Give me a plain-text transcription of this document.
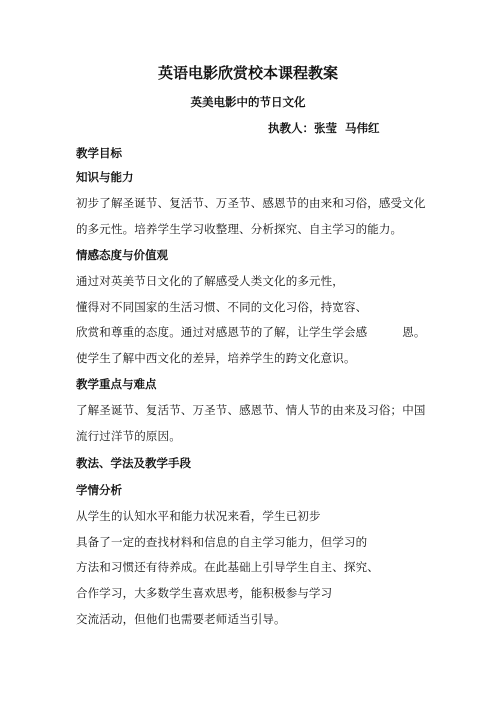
英语电影欣赏校本课程教案
英美电影中的节日文化
执教人：张莹 马伟红
教学目标
知识与能力
初步了解圣诞节、复活节、万圣节、感恩节的由来和习俗，感受文化
的多元性。培养学生学习收整理、分析探究、自主学习的能力。
情感态度与价值观
通过对英美节日文化的了解感受人类文化的多元性，
懂得对不同国家的生活习惯、不同的文化习俗，持宽容、
欣赏和尊重的态度。通过对感恩节的了解，让学生学会感　　　恩。
使学生了解中西文化的差异，培养学生的跨文化意识。
教学重点与难点
了解圣诞节、复活节、万圣节、感恩节、情人节的由来及习俗；中国
流行过洋节的原因。
教法、学法及教学手段
学情分析
从学生的认知水平和能力状况来看，学生已初步
具备了一定的查找材料和信息的自主学习能力，但学习的
方法和习惯还有待养成。在此基础上引导学生自主、探究、
合作学习，大多数学生喜欢思考，能积极参与学习
交流活动，但他们也需要老师适当引导。
